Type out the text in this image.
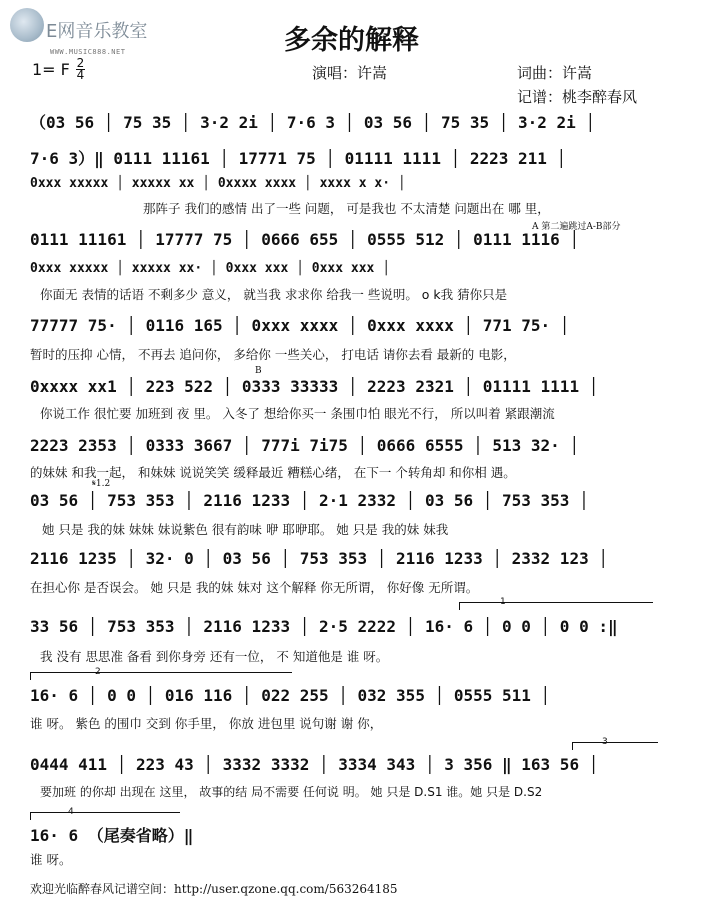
E网音乐教室
WWW.MUSIC888.NET	多余的解释
1= F 2
4	演唱：许嵩	词曲：许嵩
记谱：桃李醉春风
（03 56 │ 75 35 │ 3·2 2i │ 7·6 3 │ 03 56 │ 75 35 │ 3·2 2i │
7·6 3）‖ 0111 11161 │ 17771 75 │ 01111 1111 │ 2223 211 │
0xxx xxxxx │ xxxxx xx │ 0xxxx xxxx │ xxxx x x· │
那阵子 我们的感情 出了一些 问题， 可是我也 不太清楚 问题出在 哪 里，
A 第二遍跳过A-B部分
0111 11161 │ 17777 75 │ 0666 655 │ 0555 512 │ 0111 1116 │
0xxx xxxxx │ xxxxx xx· │ 0xxx xxx │ 0xxx xxx │
你面无 表情的话语 不剩多少 意义， 就当我 求求你 给我一 些说明。 o k我 猜你只是
77777 75· │ 0116 165 │ 0xxx xxxx │ 0xxx xxxx │ 771 75· │
暂时的压抑 心情， 不再去 追问你， 多给你 一些关心， 打电话 请你去看 最新的 电影，
B
0xxxx xx1 │ 223 522 │ 0333 33333 │ 2223 2321 │ 01111 1111 │
你说工作 很忙要 加班到 夜 里。 入冬了 想给你买一 条围巾怕 眼光不行， 所以叫着 紧跟潮流
2223 2353 │ 0333 3667 │ 777i 7i75 │ 0666 6555 │ 513 32· │
的妹妹 和我一起， 和妹妹 说说笑笑 缓释最近 糟糕心绪， 在下一 个转角却 和你相 遇。
𝄋1.2
03 56 │ 753 353 │ 2116 1233 │ 2·1 2332 │ 03 56 │ 753 353 │
她 只是 我的妹 妹妹 妹说紫色 很有韵味 咿 耶咿耶。 她 只是 我的妹 妹我
2116 1235 │ 32· 0 │ 03 56 │ 753 353 │ 2116 1233 │ 2332 123 │
在担心你 是否误会。 她 只是 我的妹 妹对 这个解释 你无所谓， 你好像 无所谓。
1
33 56 │ 753 353 │ 2116 1233 │ 2·5 2222 │ 16· 6 │ 0 0 │ 0 0 :‖
我 没有 思思准 备看 到你身旁 还有一位， 不 知道他是 谁 呀。
2
16· 6 │ 0 0 │ 016 116 │ 022 255 │ 032 355 │ 0555 511 │
谁 呀。 紫色 的围巾 交到 你手里， 你放 进包里 说句谢 谢 你，
3
0444 411 │ 223 43 │ 3332 3332 │ 3334 343 │ 3 356 ‖ 163 56 │
要加班 的你却 出现在 这里， 故事的结 局不需要 任何说 明。 她 只是 D.S1 谁。她 只是 D.S2
4
16· 6 （尾奏省略）‖
谁 呀。
欢迎光临醉春风记谱空间：http://user.qzone.qq.com/563264185
